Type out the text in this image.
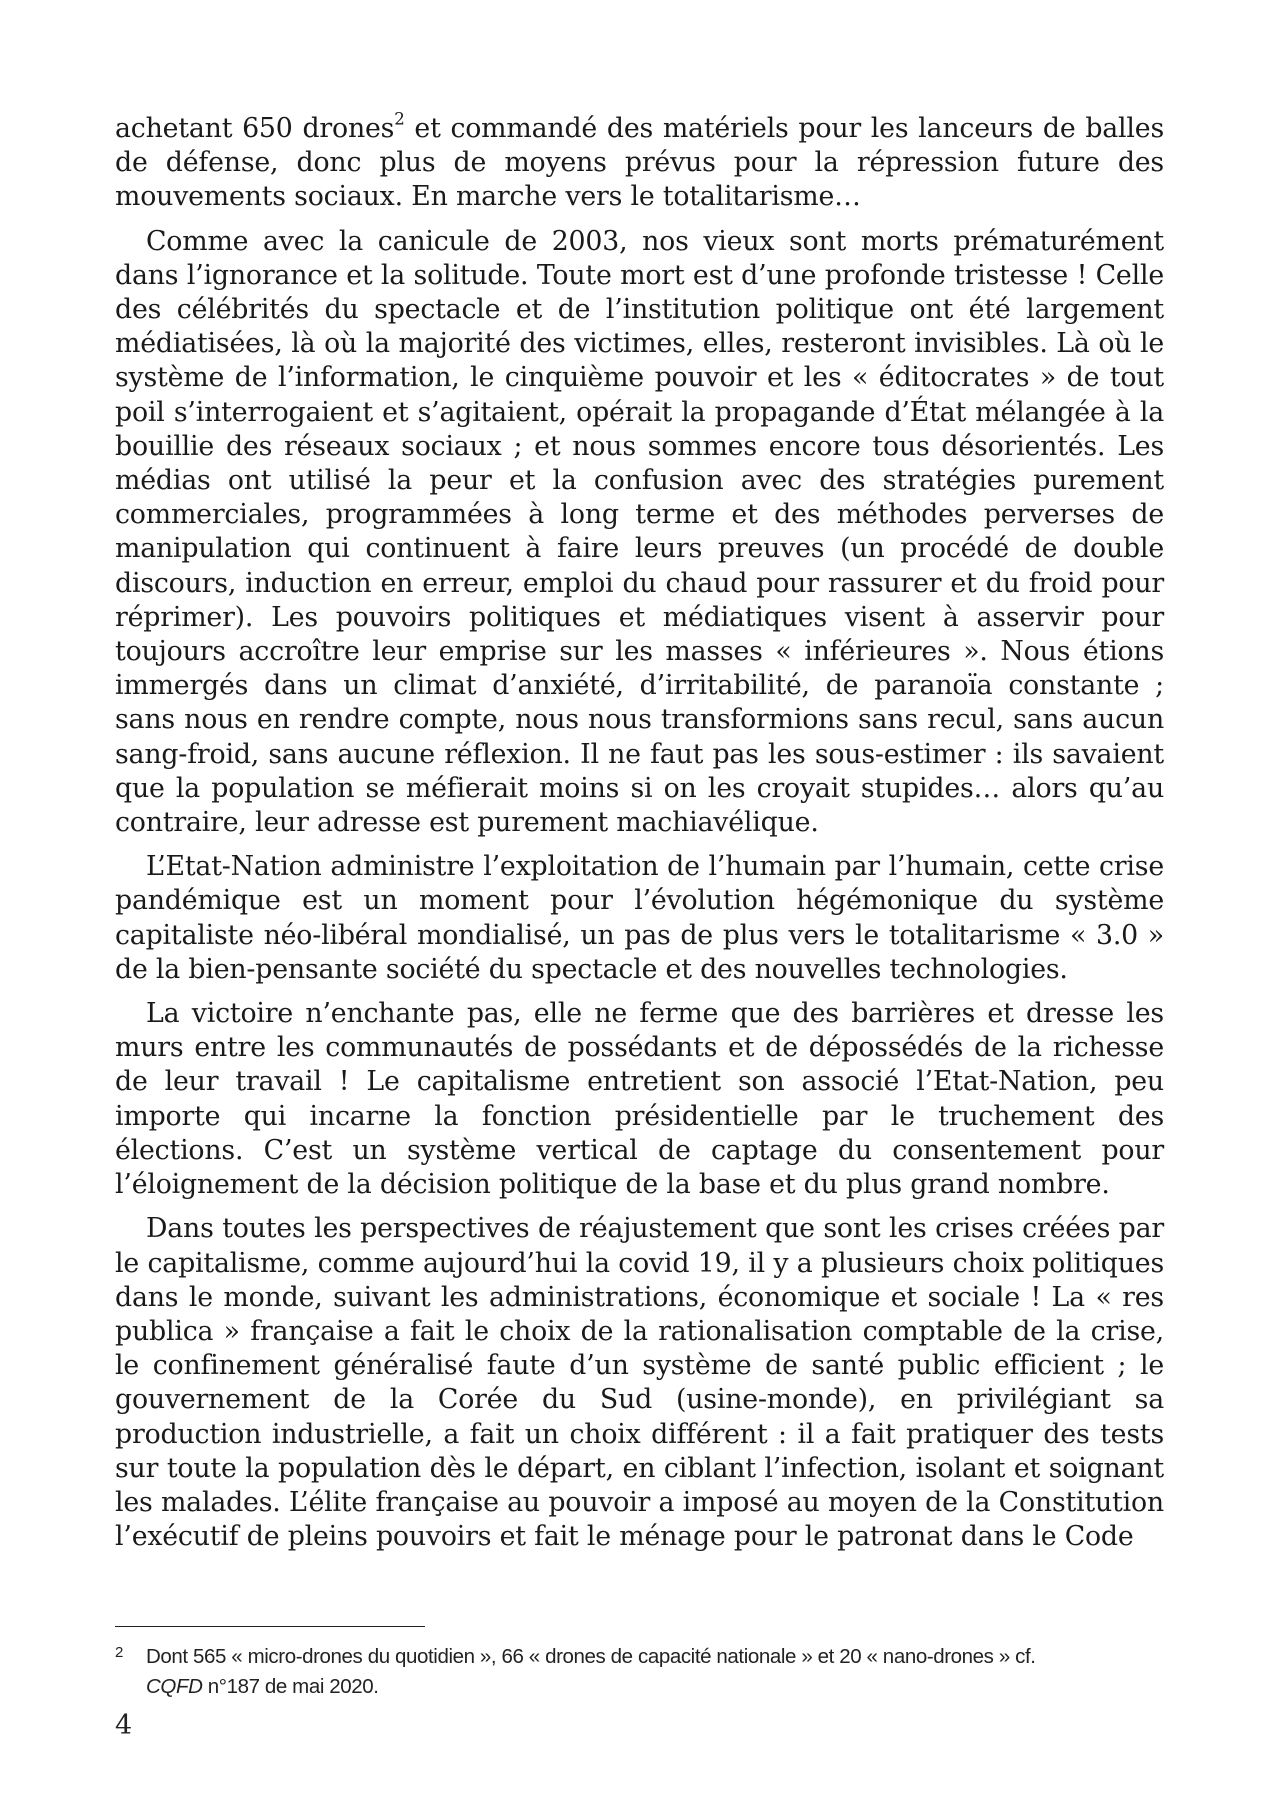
achetant 650 drones$^2$ et commandé des matériels pour les lanceurs de balles de défense, donc plus de moyens prévus pour la répression future des mouvements sociaux. En marche vers le totalitarisme…

Comme avec la canicule de 2003, nos vieux sont morts prématurément dans l’ignorance et la solitude. Toute mort est d’une profonde tristesse ! Celle des célébrités du spectacle et de l’institution politique ont été largement médiatisées, là où la majorité des victimes, elles, resteront invisibles. Là où le système de l’information, le cinquième pouvoir et les « éditocrates » de tout poil s’interrogaient et s’agitaient, opérait la propagande d’État mélangée à la bouillie des réseaux sociaux ; et nous sommes encore tous désorientés. Les médias ont utilisé la peur et la confusion avec des stratégies purement commerciales, programmées à long terme et des méthodes perverses de manipulation qui continuent à faire leurs preuves (un procédé de double discours, induction en erreur, emploi du chaud pour rassurer et du froid pour réprimer). Les pouvoirs politiques et médiatiques visent à asservir pour toujours accroître leur emprise sur les masses « inférieures ». Nous étions immergés dans un climat d’anxiété, d’irritabilité, de paranoïa constante ; sans nous en rendre compte, nous nous transformions sans recul, sans aucun sang-froid, sans aucune réflexion. Il ne faut pas les sous-estimer : ils savaient que la population se méfierait moins si on les croyait stupides… alors qu’au contraire, leur adresse est purement machiavélique.

L’Etat-Nation administre l’exploitation de l’humain par l’humain, cette crise pandémique est un moment pour l’évolution hégémonique du système capitaliste néo-libéral mondialisé, un pas de plus vers le totalitarisme « 3.0 » de la bien-pensante société du spectacle et des nouvelles technologies.

La victoire n’enchante pas, elle ne ferme que des barrières et dresse les murs entre les communautés de possédants et de dépossédés de la richesse de leur travail ! Le capitalisme entretient son associé l’Etat-Nation, peu importe qui incarne la fonction présidentielle par le truchement des élections. C’est un système vertical de captage du consentement pour l’éloignement de la décision politique de la base et du plus grand nombre.

Dans toutes les perspectives de réajustement que sont les crises créées par le capitalisme, comme aujourd’hui la covid 19, il y a plusieurs choix politiques dans le monde, suivant les administrations, économique et sociale ! La « res publica » française a fait le choix de la rationalisation comptable de la crise, le confinement généralisé faute d’un système de santé public efficient ; le gouvernement de la Corée du Sud (usine-monde), en privilégiant sa production industrielle, a fait un choix différent : il a fait pratiquer des tests sur toute la population dès le départ, en ciblant l’infection, isolant et soignant les malades. L’élite française au pouvoir a imposé au moyen de la Constitution l’exécutif de pleins pouvoirs et fait le ménage pour le patronat dans le Code

2 Dont 565 « micro-drones du quotidien », 66 « drones de capacité nationale » et 20 « nano-drones » cf.
CQFD n°187 de mai 2020.
4
